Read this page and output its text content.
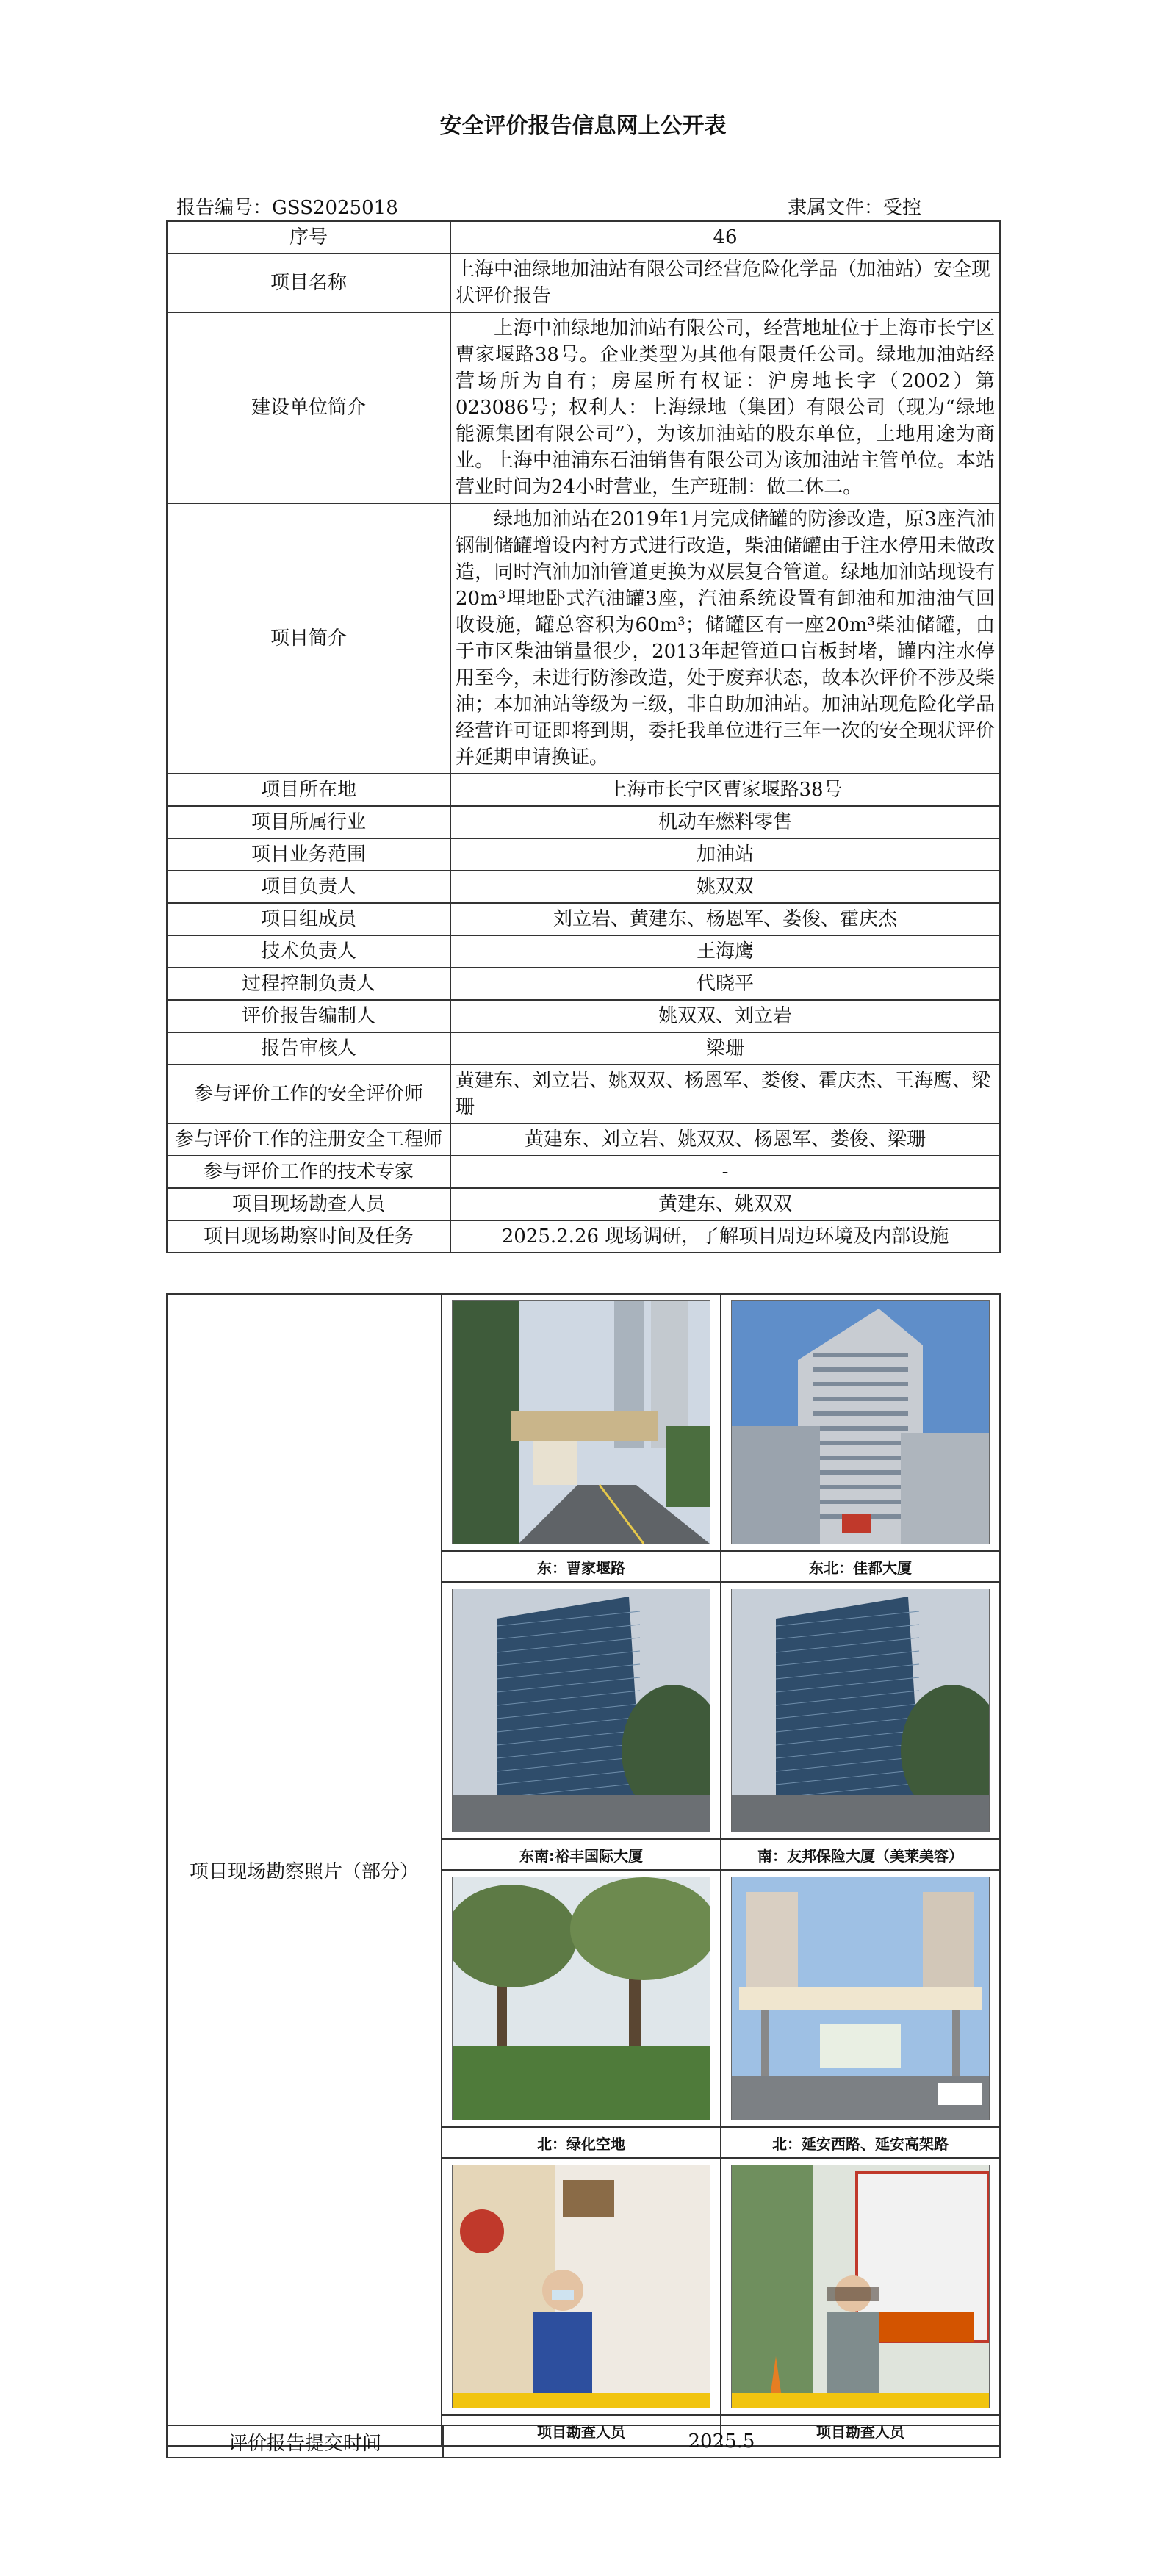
安全评价报告信息网上公开表
报告编号：GSS2025018	隶属文件：受控
序号	46
项目名称	上海中油绿地加油站有限公司经营危险化学品（加油站）安全现状评价报告
建设单位简介	上海中油绿地加油站有限公司，经营地址位于上海市长宁区曹家堰路38号。企业类型为其他有限责任公司。绿地加油站经营场所为自有；房屋所有权证：沪房地长字（2002）第023086号；权利人：上海绿地（集团）有限公司（现为“绿地能源集团有限公司”），为该加油站的股东单位，土地用途为商业。上海中油浦东石油销售有限公司为该加油站主管单位。本站营业时间为24小时营业，生产班制：做二休二。
项目简介	绿地加油站在2019年1月完成储罐的防渗改造，原3座汽油钢制储罐增设内衬方式进行改造，柴油储罐由于注水停用未做改造，同时汽油加油管道更换为双层复合管道。绿地加油站现设有20m³埋地卧式汽油罐3座，汽油系统设置有卸油和加油油气回收设施，罐总容积为60m³；储罐区有一座20m³柴油储罐，由于市区柴油销量很少，2013年起管道口盲板封堵，罐内注水停用至今，未进行防渗改造，处于废弃状态，故本次评价不涉及柴油；本加油站等级为三级，非自助加油站。加油站现危险化学品经营许可证即将到期，委托我单位进行三年一次的安全现状评价并延期申请换证。
项目所在地	上海市长宁区曹家堰路38号
项目所属行业	机动车燃料零售
项目业务范围	加油站
项目负责人	姚双双
项目组成员	刘立岩、黄建东、杨恩军、娄俊、霍庆杰
技术负责人	王海鹰
过程控制负责人	代晓平
评价报告编制人	姚双双、刘立岩
报告审核人	梁珊
参与评价工作的安全评价师	黄建东、刘立岩、姚双双、杨恩军、娄俊、霍庆杰、王海鹰、梁珊
参与评价工作的注册安全工程师	黄建东、刘立岩、姚双双、杨恩军、娄俊、梁珊
参与评价工作的技术专家	-
项目现场勘查人员	黄建东、姚双双
项目现场勘察时间及任务	2025.2.26 现场调研，了解项目周边环境及内部设施
项目现场勘察照片（部分）	

	东：曹家堰路	东北：佳都大厦

	东南:裕丰国际大厦	南：友邦保险大厦（美莱美容）

	北：绿化空地	北：延安西路、延安高架路

	项目勘查人员	项目勘查人员
评价报告提交时间	2025.5
